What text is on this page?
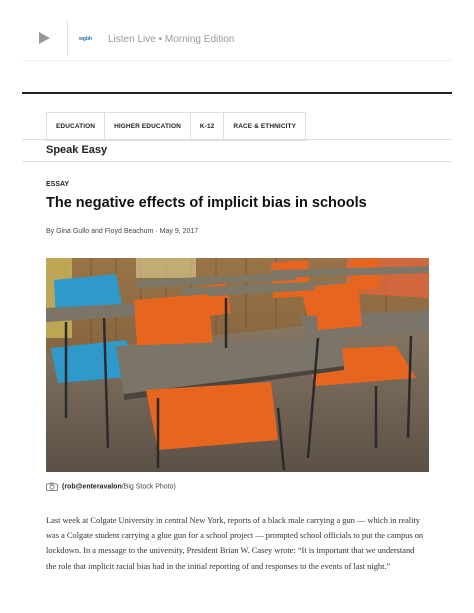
wgbh Listen Live • Morning Edition
EDUCATION	HIGHER EDUCATION	K-12	RACE & ETHNICITY
Speak Easy
ESSAY
The negative effects of implicit bias in schools
By Gina Gullo and Floyd Beachum · May 9, 2017
(rob@enteravalon/Big Stock Photo)

Last week at Colgate University in central New York, reports of a black male carrying a gun — which in reality was a Colgate student carrying a glue gun for a school project — prompted school officials to put the campus on lockdown. In a message to the university, President Brian W. Casey wrote: “It is important that we understand the role that implicit racial bias had in the initial reporting of and responses to the events of last night.”
